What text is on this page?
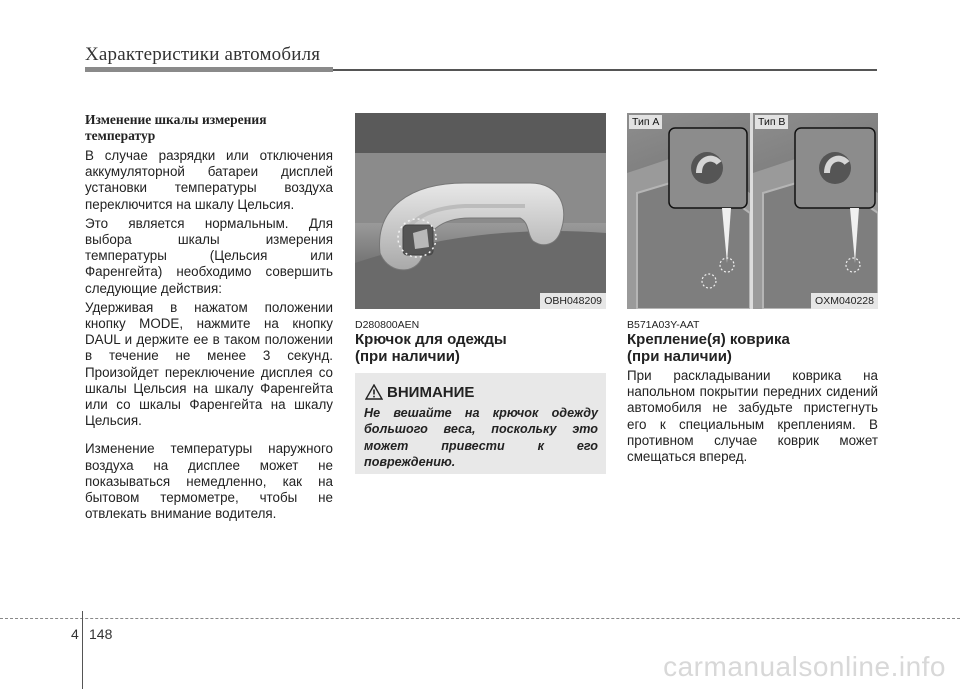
Характеристики автомобиля
Изменение шкалы измерения температур

В случае разрядки или отключения аккумуляторной батареи дисплей установки температуры воздуха переключится на шкалу Цельсия.

Это является нормальным. Для выбора шкалы измерения температуры (Цельсия или Фаренгейта) необходимо совершить следующие действия:

Удерживая в нажатом положении кнопку MODE, нажмите на кнопку DAUL и держите ее в таком положении в течение не менее 3 секунд. Произойдет переключение дисплея со шкалы Цельсия на шкалу Фаренгейта или со шкалы Фаренгейта на шкалу Цельсия.

Изменение температуры наружного воздуха на дисплее может не показываться немедленно, как на бытовом термометре, чтобы не отвлекать внимание водителя.

OBH048209
D280800AEN
Крючок для одежды
(при наличии)
ВНИМАНИЕ
Не вешайте на крючок одежду большого веса, поскольку это может привести к его повреждению.
Тип А	Тип В
OXM040228
B571A03Y-AAT
Крепление(я) коврика
(при наличии)

При раскладывании коврика на напольном покрытии передних сидений автомобиля не забудьте пристегнуть его к специальным креплениям. В противном случае коврик может смещаться вперед.

4 148
carmanualsonline.info
